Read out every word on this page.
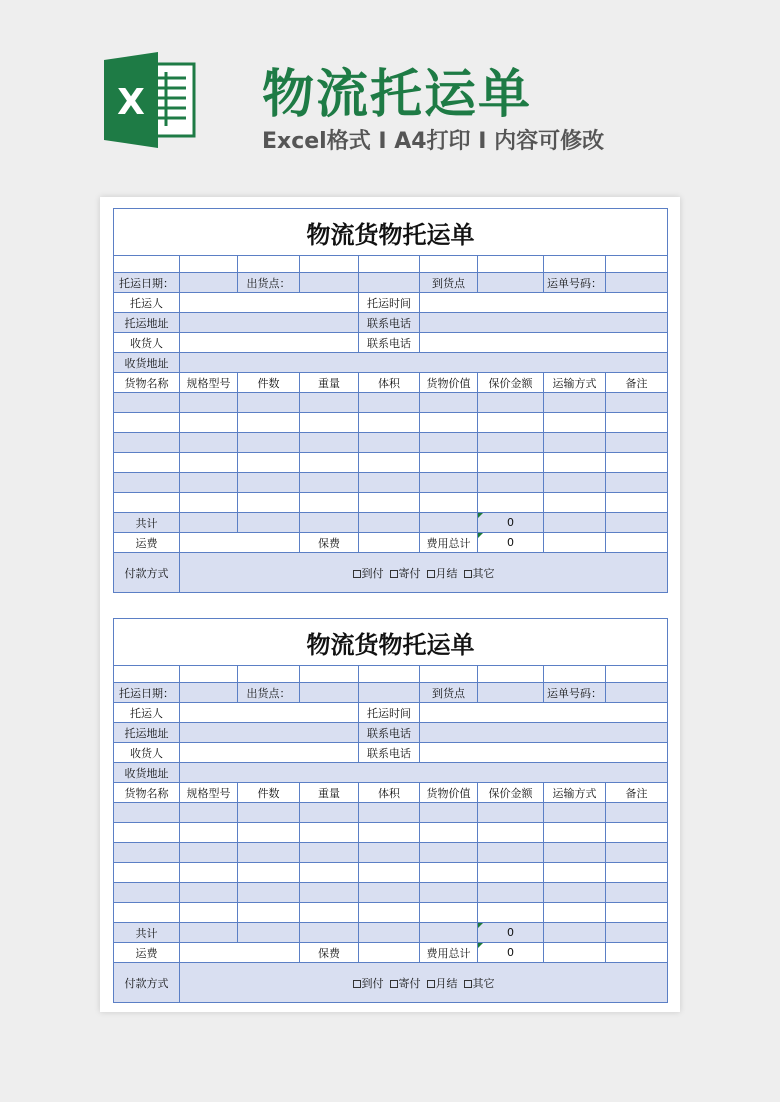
X 物流托运单
Excel格式 I A4打印 I 内容可修改
物流货物托运单								

托运日期：		出货点：			到货点		运单号码：	
托运人				托运时间				
托运地址				联系电话				
收货人				联系电话				
收货地址								
货物名称	规格型号	件数	重量	体积	货物价值	保价金额	运输方式	备注

共计						0		
运费			保费		费用总计	0		
付款方式	到付 寄付 月结 其它							
物流货物托运单								

托运日期：		出货点：			到货点		运单号码：	
托运人				托运时间				
托运地址				联系电话				
收货人				联系电话				
收货地址								
货物名称	规格型号	件数	重量	体积	货物价值	保价金额	运输方式	备注

共计						0		
运费			保费		费用总计	0		
付款方式	到付 寄付 月结 其它							
